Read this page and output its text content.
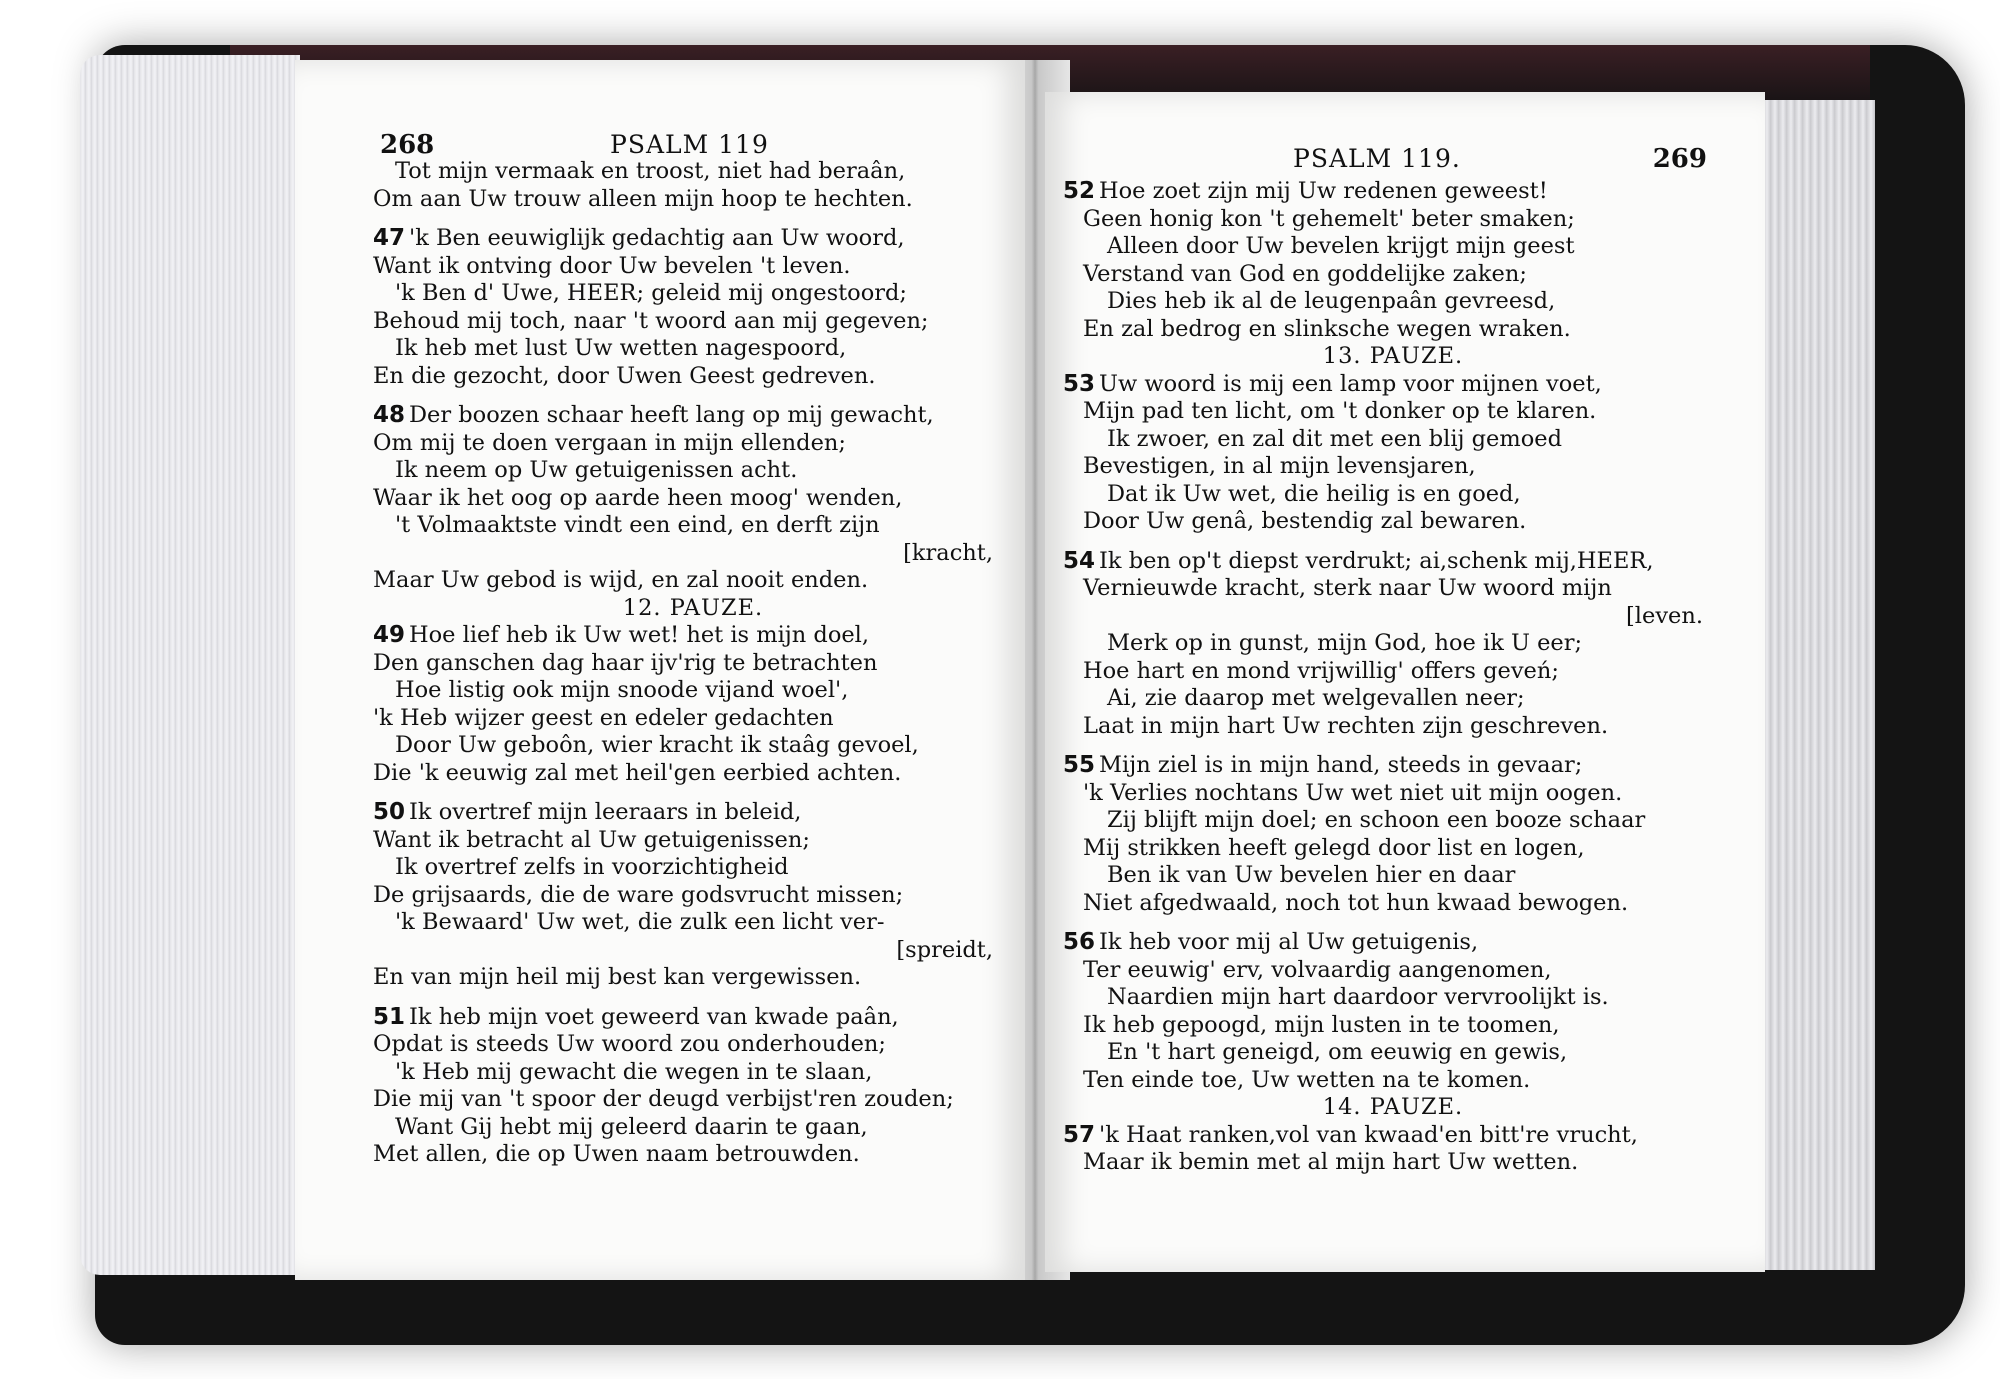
268	PSALM 119
Tot mijn vermaak en troost, niet had beraân,
Om aan Uw trouw alleen mijn hoop te hechten.
47 'k Ben eeuwiglijk gedachtig aan Uw woord,
Want ik ontving door Uw bevelen 't leven.
'k Ben d' Uwe, HEER; geleid mij ongestoord;
Behoud mij toch, naar 't woord aan mij gegeven;
Ik heb met lust Uw wetten nagespoord,
En die gezocht, door Uwen Geest gedreven.
48 Der boozen schaar heeft lang op mij gewacht,
Om mij te doen vergaan in mijn ellenden;
Ik neem op Uw getuigenissen acht.
Waar ik het oog op aarde heen moog' wenden,
't Volmaaktste vindt een eind, en derft zijn
[kracht,
Maar Uw gebod is wijd, en zal nooit enden.
12. PAUZE.
49 Hoe lief heb ik Uw wet! het is mijn doel,
Den ganschen dag haar ijv'rig te betrachten
Hoe listig ook mijn snoode vijand woel',
'k Heb wijzer geest en edeler gedachten
Door Uw geboôn, wier kracht ik staâg gevoel,
Die 'k eeuwig zal met heil'gen eerbied achten.
50 Ik overtref mijn leeraars in beleid,
Want ik betracht al Uw getuigenissen;
Ik overtref zelfs in voorzichtigheid
De grijsaards, die de ware godsvrucht missen;
'k Bewaard' Uw wet, die zulk een licht ver-
[spreidt,
En van mijn heil mij best kan vergewissen.
51 Ik heb mijn voet geweerd van kwade paân,
Opdat is steeds Uw woord zou onderhouden;
'k Heb mij gewacht die wegen in te slaan,
Die mij van 't spoor der deugd verbijst'ren zouden;
Want Gij hebt mij geleerd daarin te gaan,
Met allen, die op Uwen naam betrouwden.
PSALM 119.	269
52 Hoe zoet zijn mij Uw redenen geweest!
Geen honig kon 't gehemelt' beter smaken;
Alleen door Uw bevelen krijgt mijn geest
Verstand van God en goddelijke zaken;
Dies heb ik al de leugenpaân gevreesd,
En zal bedrog en slinksche wegen wraken.
13. PAUZE.
53 Uw woord is mij een lamp voor mijnen voet,
Mijn pad ten licht, om 't donker op te klaren.
Ik zwoer, en zal dit met een blij gemoed
Bevestigen, in al mijn levensjaren,
Dat ik Uw wet, die heilig is en goed,
Door Uw genâ, bestendig zal bewaren.
54 Ik ben op't diepst verdrukt; ai,schenk mij,HEER,
Vernieuwde kracht, sterk naar Uw woord mijn
[leven.
Merk op in gunst, mijn God, hoe ik U eer;
Hoe hart en mond vrijwillig' offers geveń;
Ai, zie daarop met welgevallen neer;
Laat in mijn hart Uw rechten zijn geschreven.
55 Mijn ziel is in mijn hand, steeds in gevaar;
'k Verlies nochtans Uw wet niet uit mijn oogen.
Zij blijft mijn doel; en schoon een booze schaar
Mij strikken heeft gelegd door list en logen,
Ben ik van Uw bevelen hier en daar
Niet afgedwaald, noch tot hun kwaad bewogen.
56 Ik heb voor mij al Uw getuigenis,
Ter eeuwig' erv, volvaardig aangenomen,
Naardien mijn hart daardoor vervroolijkt is.
Ik heb gepoogd, mijn lusten in te toomen,
En 't hart geneigd, om eeuwig en gewis,
Ten einde toe, Uw wetten na te komen.
14. PAUZE.
57 'k Haat ranken,vol van kwaad'en bitt're vrucht,
Maar ik bemin met al mijn hart Uw wetten.
